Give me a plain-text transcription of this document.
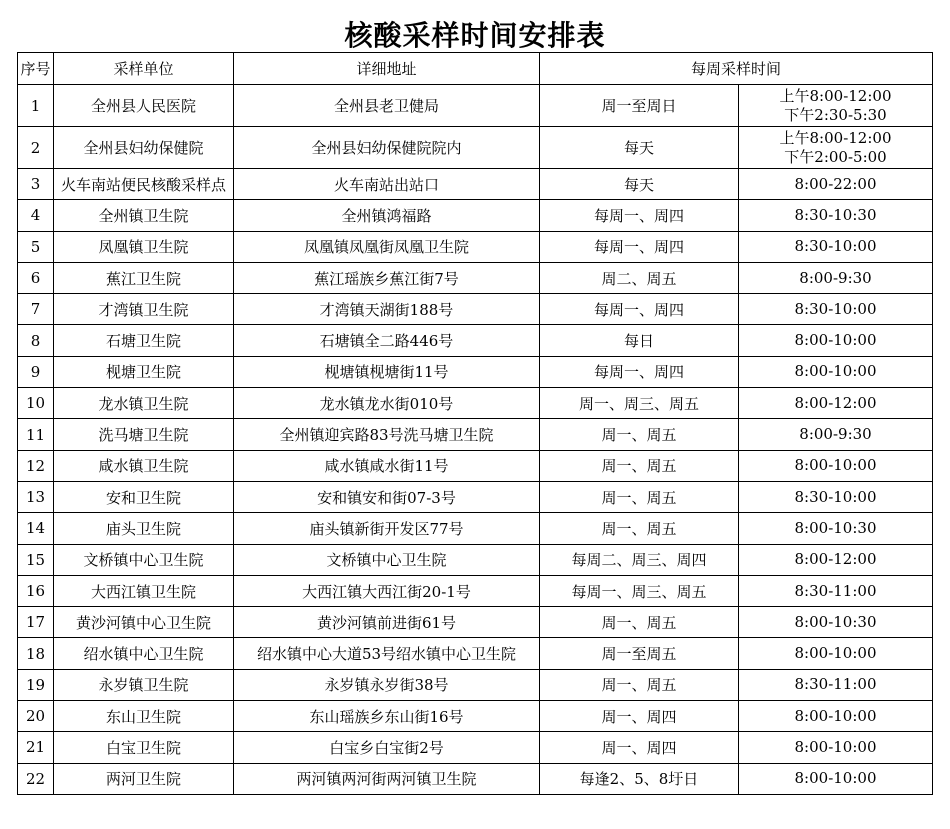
核酸采样时间安排表
序号	采样单位	详细地址	每周采样时间	
1	全州县人民医院	全州县老卫健局	周一至周日	上午8:00-12:00
下午2:30-5:30

2	全州县妇幼保健院	全州县妇幼保健院院内	每天	上午8:00-12:00
下午2:00-5:00

3	火车南站便民核酸采样点	火车南站出站口	每天	8:00-22:00

4	全州镇卫生院	全州镇鸿福路	每周一、周四	8:30-10:30

5	凤凰镇卫生院	凤凰镇凤凰街凤凰卫生院	每周一、周四	8:30-10:00

6	蕉江卫生院	蕉江瑶族乡蕉江街7号	周二、周五	8:00-9:30

7	才湾镇卫生院	才湾镇天湖街188号	每周一、周四	8:30-10:00

8	石塘卫生院	石塘镇全二路446号	每日	8:00-10:00

9	枧塘卫生院	枧塘镇枧塘街11号	每周一、周四	8:00-10:00

10	龙水镇卫生院	龙水镇龙水街010号	周一、周三、周五	8:00-12:00

11	洗马塘卫生院	全州镇迎宾路83号洗马塘卫生院	周一、周五	8:00-9:30

12	咸水镇卫生院	咸水镇咸水街11号	周一、周五	8:00-10:00

13	安和卫生院	安和镇安和街07-3号	周一、周五	8:30-10:00

14	庙头卫生院	庙头镇新街开发区77号	周一、周五	8:00-10:30

15	文桥镇中心卫生院	文桥镇中心卫生院	每周二、周三、周四	8:00-12:00

16	大西江镇卫生院	大西江镇大西江街20-1号	每周一、周三、周五	8:30-11:00

17	黄沙河镇中心卫生院	黄沙河镇前进街61号	周一、周五	8:00-10:30

18	绍水镇中心卫生院	绍水镇中心大道53号绍水镇中心卫生院	周一至周五	8:00-10:00

19	永岁镇卫生院	永岁镇永岁街38号	周一、周五	8:30-11:00

20	东山卫生院	东山瑶族乡东山街16号	周一、周四	8:00-10:00

21	白宝卫生院	白宝乡白宝街2号	周一、周四	8:00-10:00

22	两河卫生院	两河镇两河街两河镇卫生院	每逢2、5、8圩日	8:00-10:00
